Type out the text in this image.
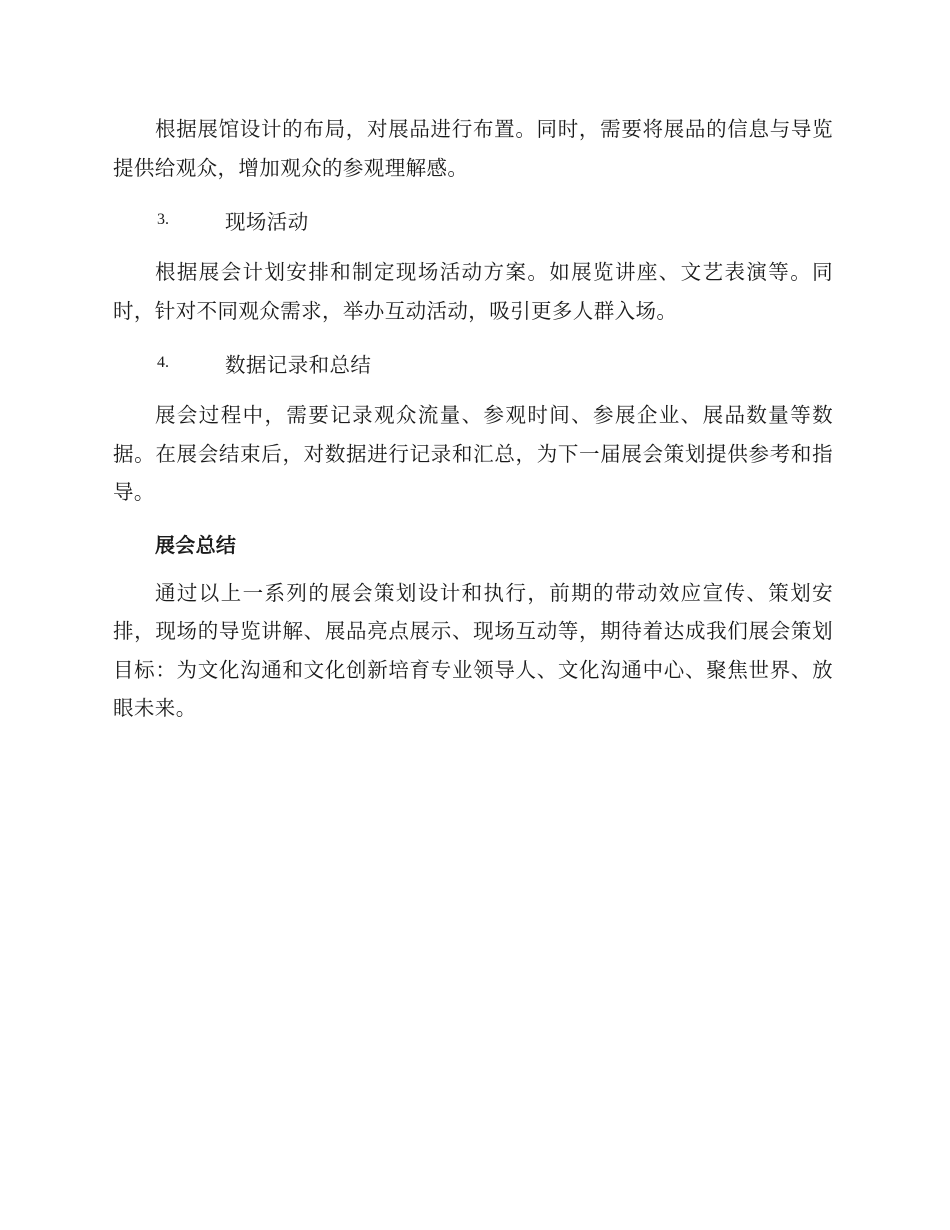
根据展馆设计的布局，对展品进行布置。同时，需要将展品的信息与导览提供给观众，增加观众的参观理解感。

3.	现场活动

根据展会计划安排和制定现场活动方案。如展览讲座、文艺表演等。同时，针对不同观众需求，举办互动活动，吸引更多人群入场。

4.	数据记录和总结

展会过程中，需要记录观众流量、参观时间、参展企业、展品数量等数据。在展会结束后，对数据进行记录和汇总，为下一届展会策划提供参考和指导。

展会总结

通过以上一系列的展会策划设计和执行，前期的带动效应宣传、策划安排，现场的导览讲解、展品亮点展示、现场互动等，期待着达成我们展会策划目标：为文化沟通和文化创新培育专业领导人、文化沟通中心、聚焦世界、放眼未来。
